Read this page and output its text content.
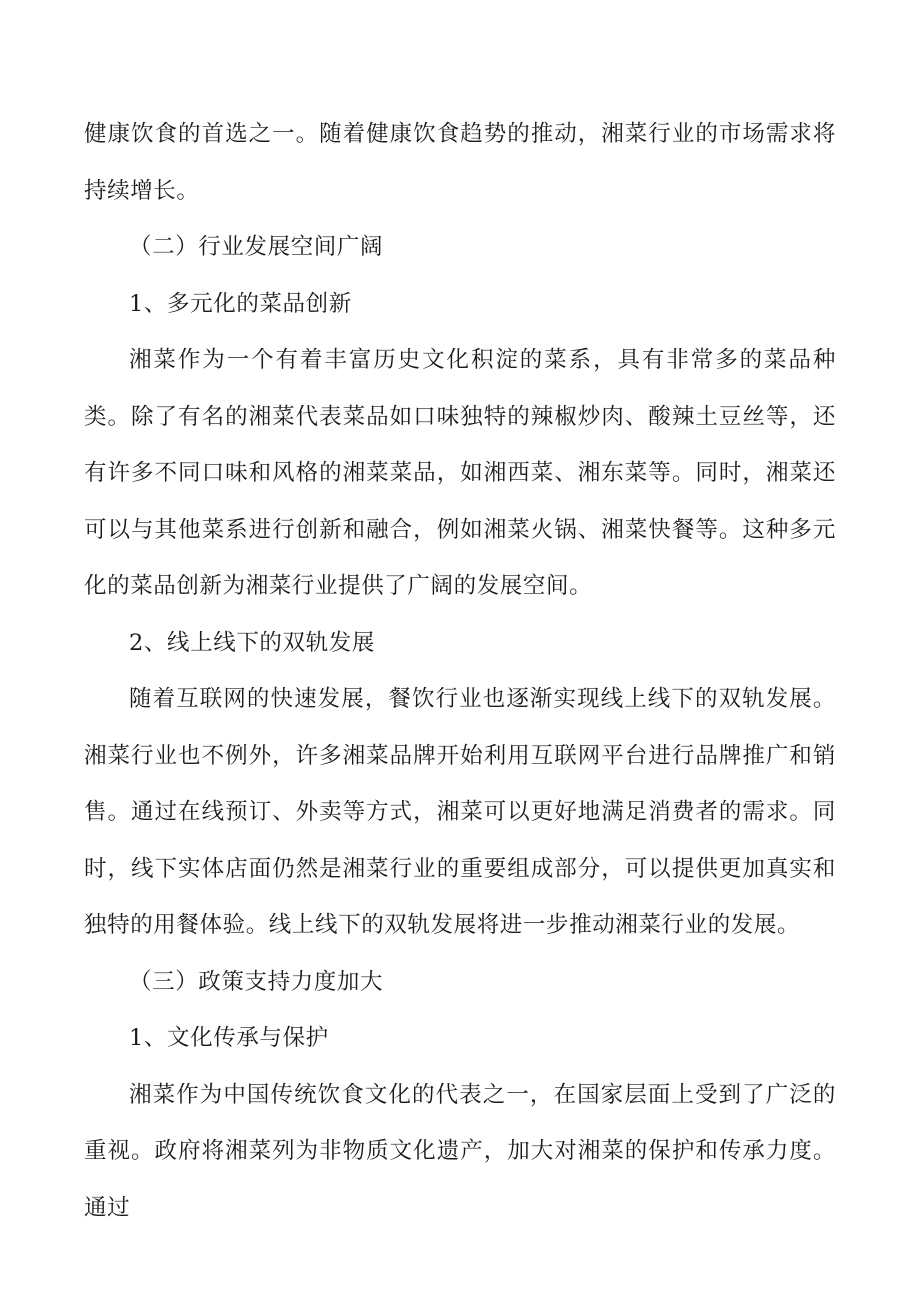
健康饮食的首选之一。随着健康饮食趋势的推动，湘菜行业的市场需求将持续增长。

（二）行业发展空间广阔

1、多元化的菜品创新

湘菜作为一个有着丰富历史文化积淀的菜系，具有非常多的菜品种类。除了有名的湘菜代表菜品如口味独特的辣椒炒肉、酸辣土豆丝等，还有许多不同口味和风格的湘菜菜品，如湘西菜、湘东菜等。同时，湘菜还可以与其他菜系进行创新和融合，例如湘菜火锅、湘菜快餐等。这种多元化的菜品创新为湘菜行业提供了广阔的发展空间。

2、线上线下的双轨发展

随着互联网的快速发展，餐饮行业也逐渐实现线上线下的双轨发展。湘菜行业也不例外，许多湘菜品牌开始利用互联网平台进行品牌推广和销售。通过在线预订、外卖等方式，湘菜可以更好地满足消费者的需求。同时，线下实体店面仍然是湘菜行业的重要组成部分，可以提供更加真实和独特的用餐体验。线上线下的双轨发展将进一步推动湘菜行业的发展。

（三）政策支持力度加大

1、文化传承与保护

湘菜作为中国传统饮食文化的代表之一，在国家层面上受到了广泛的重视。政府将湘菜列为非物质文化遗产，加大对湘菜的保护和传承力度。通过
